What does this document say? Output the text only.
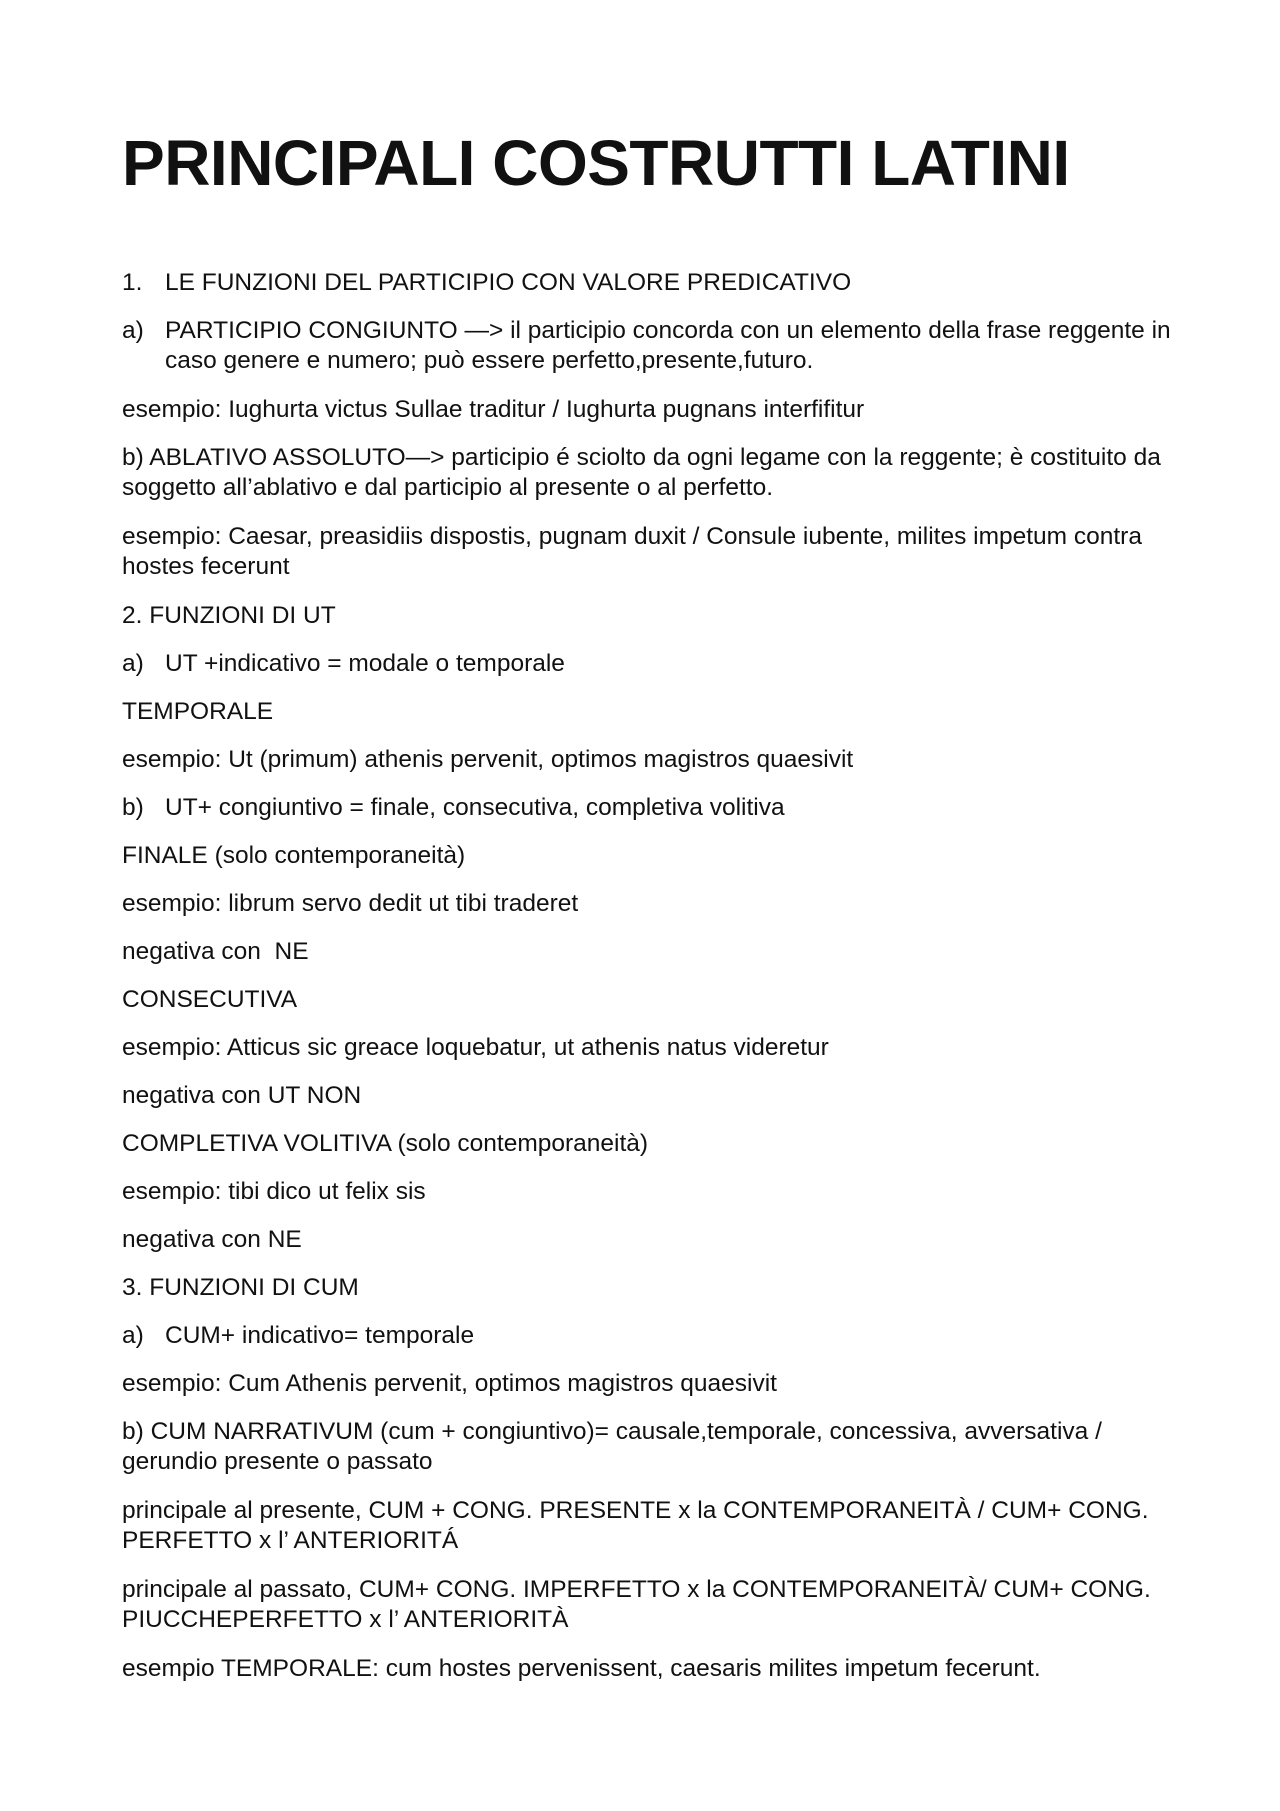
PRINCIPALI COSTRUTTI LATINI
1. LE FUNZIONI DEL PARTICIPIO CON VALORE PREDICATIVO
a) PARTICIPIO CONGIUNTO —> il participio concorda con un elemento della frase reggente in caso genere e numero; può essere perfetto,presente,futuro.

esempio: Iughurta victus Sullae traditur / Iughurta pugnans interfifitur

b) ABLATIVO ASSOLUTO—> participio é sciolto da ogni legame con la reggente; è costituito da soggetto all’ablativo e dal participio al presente o al perfetto.

esempio: Caesar, preasidiis dispostis, pugnam duxit / Consule iubente, milites impetum contra hostes fecerunt

2. FUNZIONI DI UT

a) UT +indicativo = modale o temporale

TEMPORALE

esempio: Ut (primum) athenis pervenit, optimos magistros quaesivit

b) UT+ congiuntivo = finale, consecutiva, completiva volitiva

FINALE (solo contemporaneità)

esempio: librum servo dedit ut tibi traderet

negativa con  NE

CONSECUTIVA

esempio: Atticus sic greace loquebatur, ut athenis natus videretur

negativa con UT NON

COMPLETIVA VOLITIVA (solo contemporaneità)

esempio: tibi dico ut felix sis

negativa con NE

3. FUNZIONI DI CUM

a) CUM+ indicativo= temporale

esempio: Cum Athenis pervenit, optimos magistros quaesivit

b) CUM NARRATIVUM (cum + congiuntivo)= causale,temporale, concessiva, avversativa / gerundio presente o passato

principale al presente, CUM + CONG. PRESENTE x la CONTEMPORANEITÀ / CUM+ CONG. PERFETTO x l’ ANTERIORITÁ

principale al passato, CUM+ CONG. IMPERFETTO x la CONTEMPORANEITÀ/ CUM+ CONG. PIUCCHEPERFETTO x l’ ANTERIORITÀ

esempio TEMPORALE: cum hostes pervenissent, caesaris milites impetum fecerunt.
